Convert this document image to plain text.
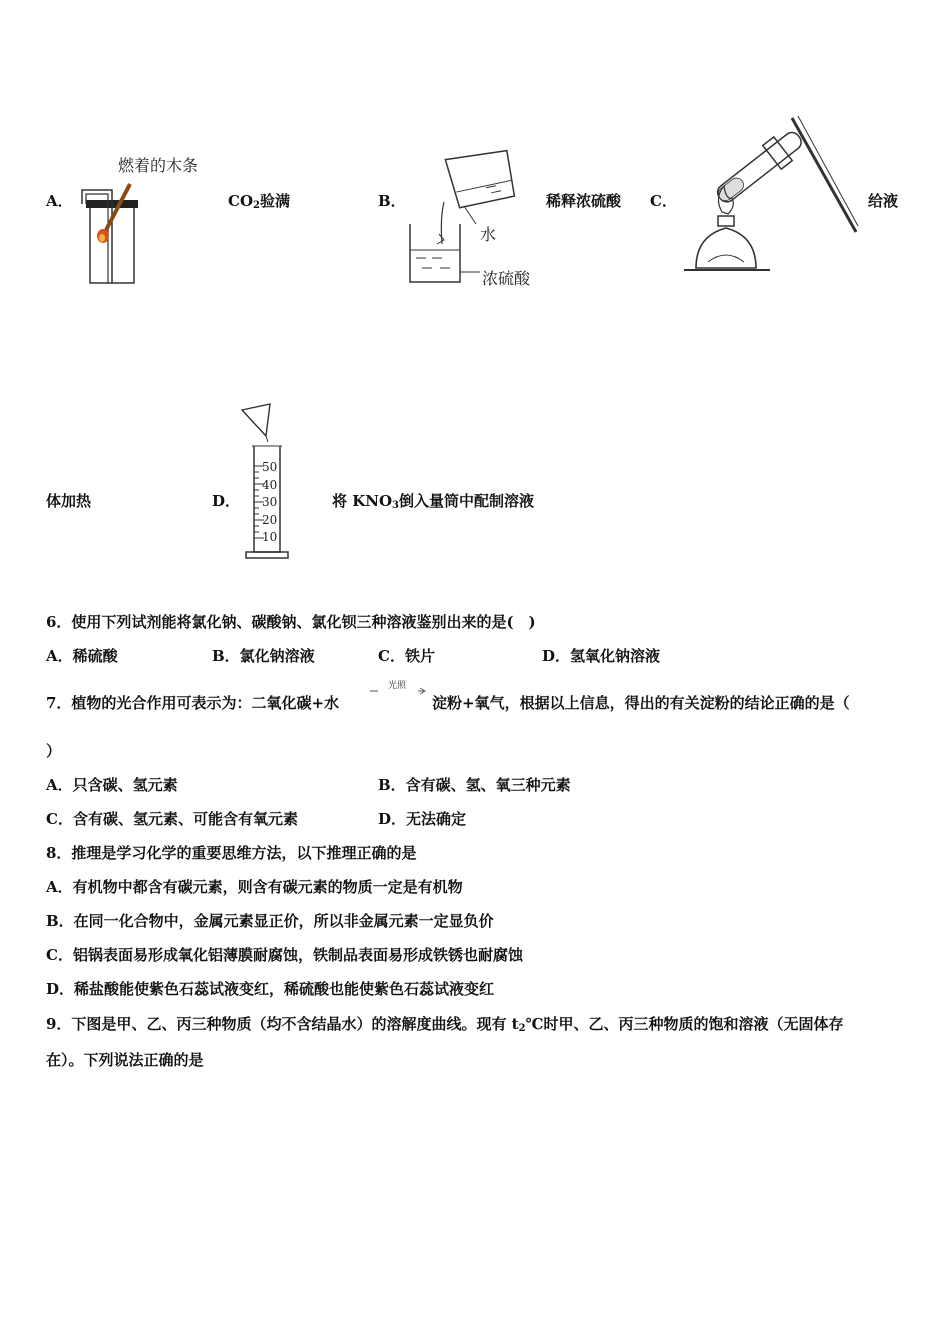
A．
燃着的木条
$CO_2$验满	B．
水
浓硫酸
稀释浓硫酸 C．	给液
体加热	D．
50
40
30
20
10
将 $KNO_3$倒入量筒中配制溶液
6．使用下列试剂能将氯化钠、碳酸钠、氯化钡三种溶液鉴别出来的是(　)
A．稀硫酸	B．氯化钠溶液	C．铁片	D．氢氧化钠溶液
7．植物的光合作用可表示为：二氧化碳+水
光照
淀粉+氧气，根据以上信息，得出的有关淀粉的结论正确的是（
）
A．只含碳、氢元素	B．含有碳、氢、氧三种元素
C．含有碳、氢元素、可能含有氧元素	D．无法确定
8．推理是学习化学的重要思维方法，以下推理正确的是
A．有机物中都含有碳元素，则含有碳元素的物质一定是有机物
B．在同一化合物中，金属元素显正价，所以非金属元素一定显负价
C．铝锅表面易形成氧化铝薄膜耐腐蚀，铁制品表面易形成铁锈也耐腐蚀
D．稀盐酸能使紫色石蕊试液变红，稀硫酸也能使紫色石蕊试液变红
9．下图是甲、乙、丙三种物质（均不含结晶水）的溶解度曲线。现有 $t_2℃$时甲、乙、丙三种物质的饱和溶液（无固体存
在）。下列说法正确的是
